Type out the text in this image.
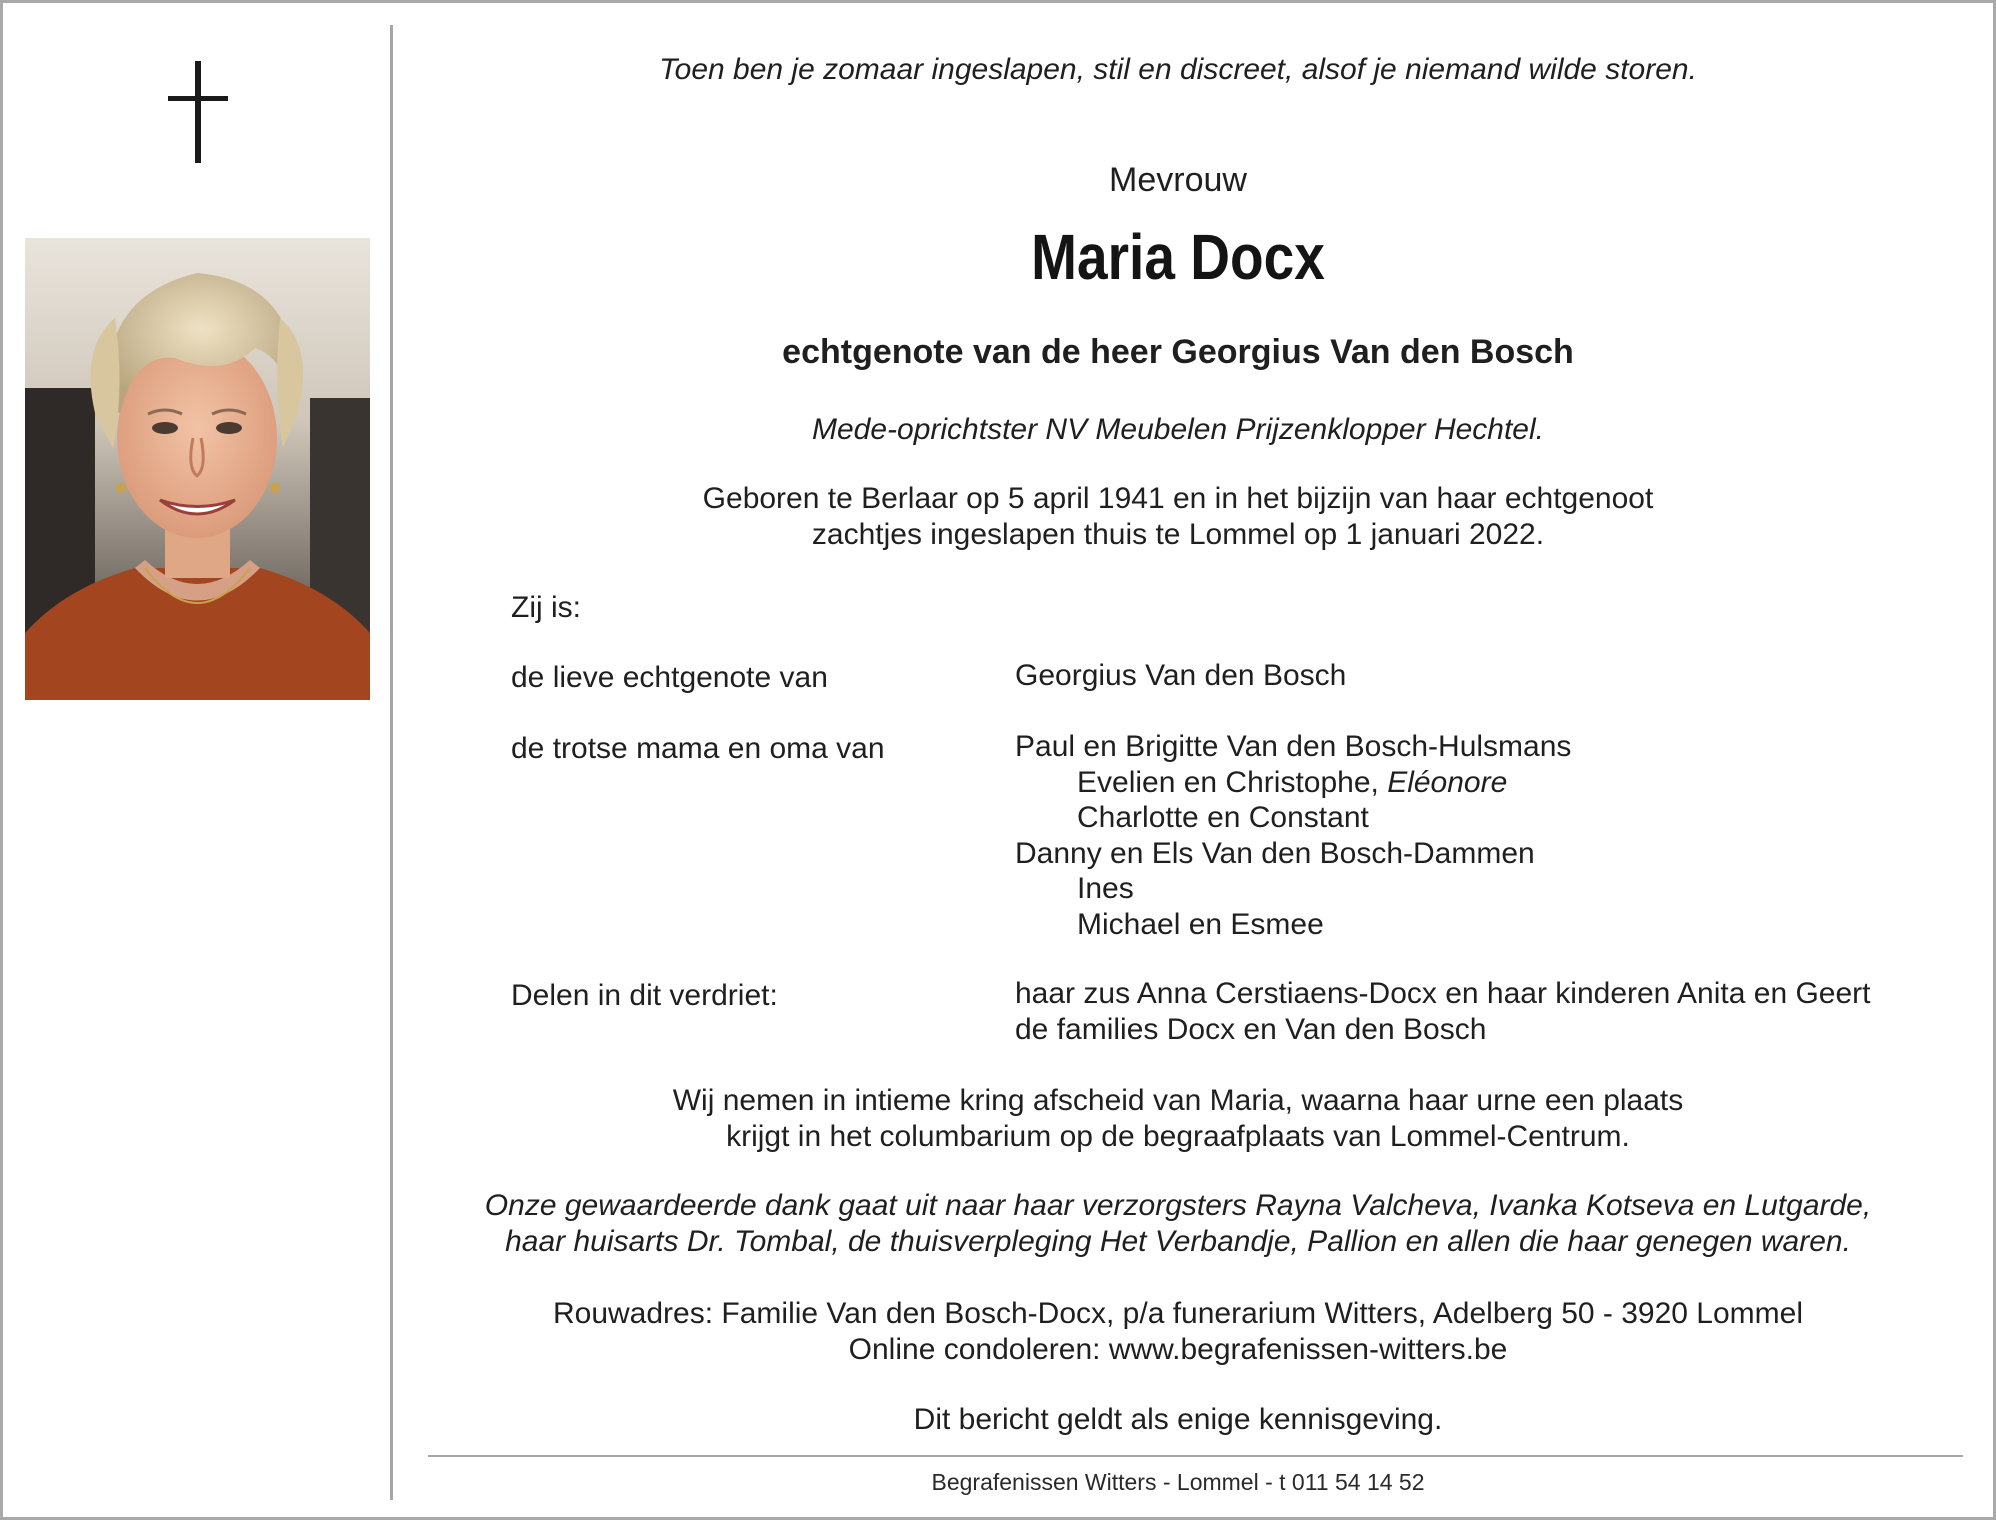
Toen ben je zomaar ingeslapen, stil en discreet, alsof je niemand wilde storen.
Mevrouw
Maria Docx
echtgenote van de heer Georgius Van den Bosch
Mede-oprichtster NV Meubelen Prijzenklopper Hechtel.
Geboren te Berlaar op 5 april 1941 en in het bijzijn van haar echtgenoot
zachtjes ingeslapen thuis te Lommel op 1 januari 2022.
Zij is:
de lieve echtgenote van	Georgius Van den Bosch
de trotse mama en oma van	Paul en Brigitte Van den Bosch-Hulsmans
Evelien en Christophe, Eléonore
Charlotte en Constant
Danny en Els Van den Bosch-Dammen
Ines
Michael en Esmee
Delen in dit verdriet:	haar zus Anna Cerstiaens-Docx en haar kinderen Anita en Geert
de families Docx en Van den Bosch
Wij nemen in intieme kring afscheid van Maria, waarna haar urne een plaats
krijgt in het columbarium op de begraafplaats van Lommel-Centrum.
Onze gewaardeerde dank gaat uit naar haar verzorgsters Rayna Valcheva, Ivanka Kotseva en Lutgarde,
haar huisarts Dr. Tombal, de thuisverpleging Het Verbandje, Pallion en allen die haar genegen waren.
Rouwadres: Familie Van den Bosch-Docx, p/a funerarium Witters, Adelberg 50 - 3920 Lommel
Online condoleren: www.begrafenissen-witters.be
Dit bericht geldt als enige kennisgeving.
Begrafenissen Witters - Lommel - t 011 54 14 52
